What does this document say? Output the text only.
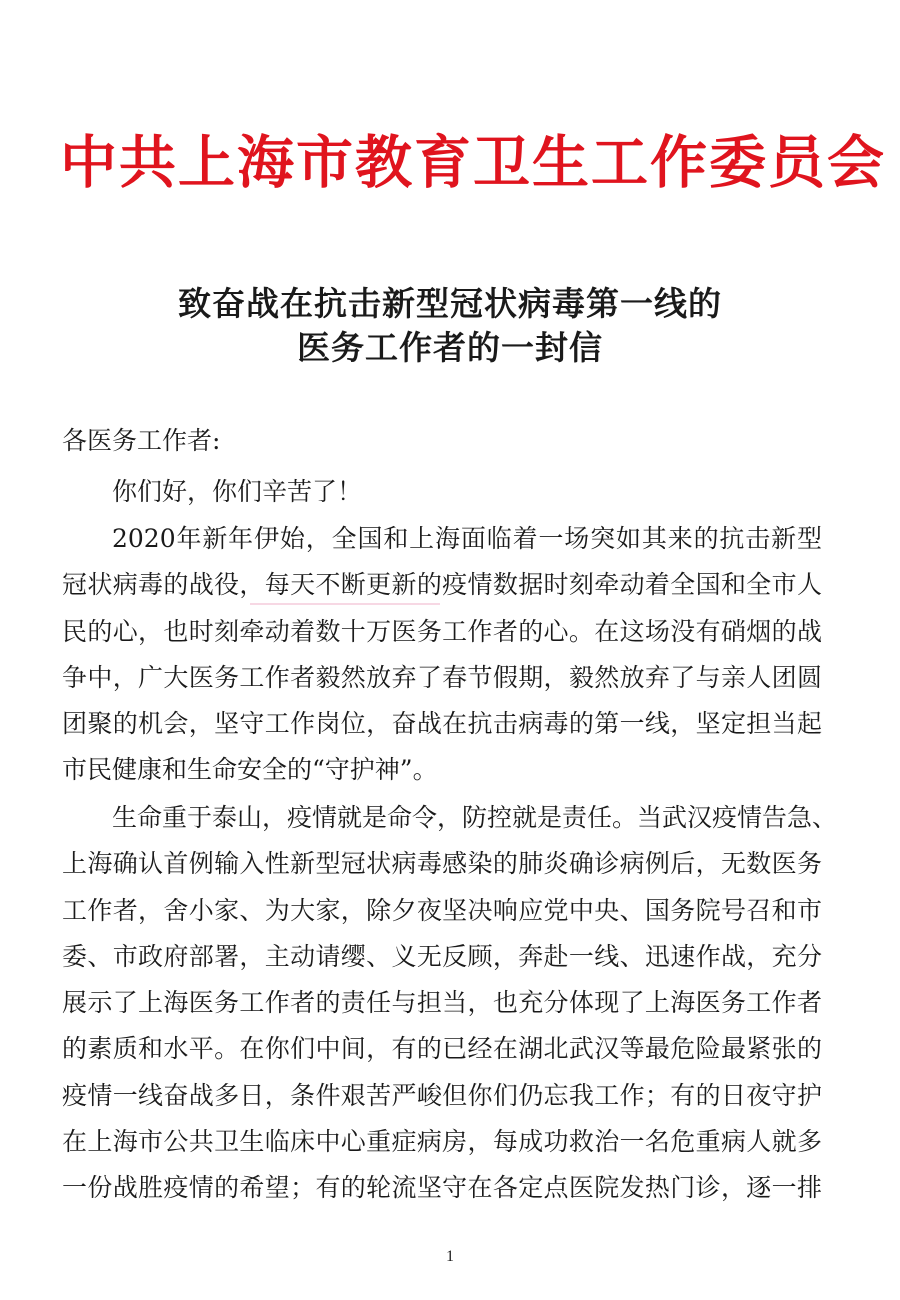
中共上海市教育卫生工作委员会
致奋战在抗击新型冠状病毒第一线的
医务工作者的一封信
各医务工作者:
你们好，你们辛苦了！
2020年新年伊始，全国和上海面临着一场突如其来的抗击新型
冠状病毒的战役，每天不断更新的疫情数据时刻牵动着全国和全市人
民的心，也时刻牵动着数十万医务工作者的心。在这场没有硝烟的战
争中，广大医务工作者毅然放弃了春节假期，毅然放弃了与亲人团圆
团聚的机会，坚守工作岗位，奋战在抗击病毒的第一线，坚定担当起
市民健康和生命安全的“守护神”。
生命重于泰山，疫情就是命令，防控就是责任。当武汉疫情告急、
上海确认首例输入性新型冠状病毒感染的肺炎确诊病例后，无数医务
工作者，舍小家、为大家，除夕夜坚决响应党中央、国务院号召和市
委、市政府部署，主动请缨、义无反顾，奔赴一线、迅速作战，充分
展示了上海医务工作者的责任与担当，也充分体现了上海医务工作者
的素质和水平。在你们中间，有的已经在湖北武汉等最危险最紧张的
疫情一线奋战多日，条件艰苦严峻但你们仍忘我工作；有的日夜守护
在上海市公共卫生临床中心重症病房，每成功救治一名危重病人就多
一份战胜疫情的希望；有的轮流坚守在各定点医院发热门诊，逐一排
1
